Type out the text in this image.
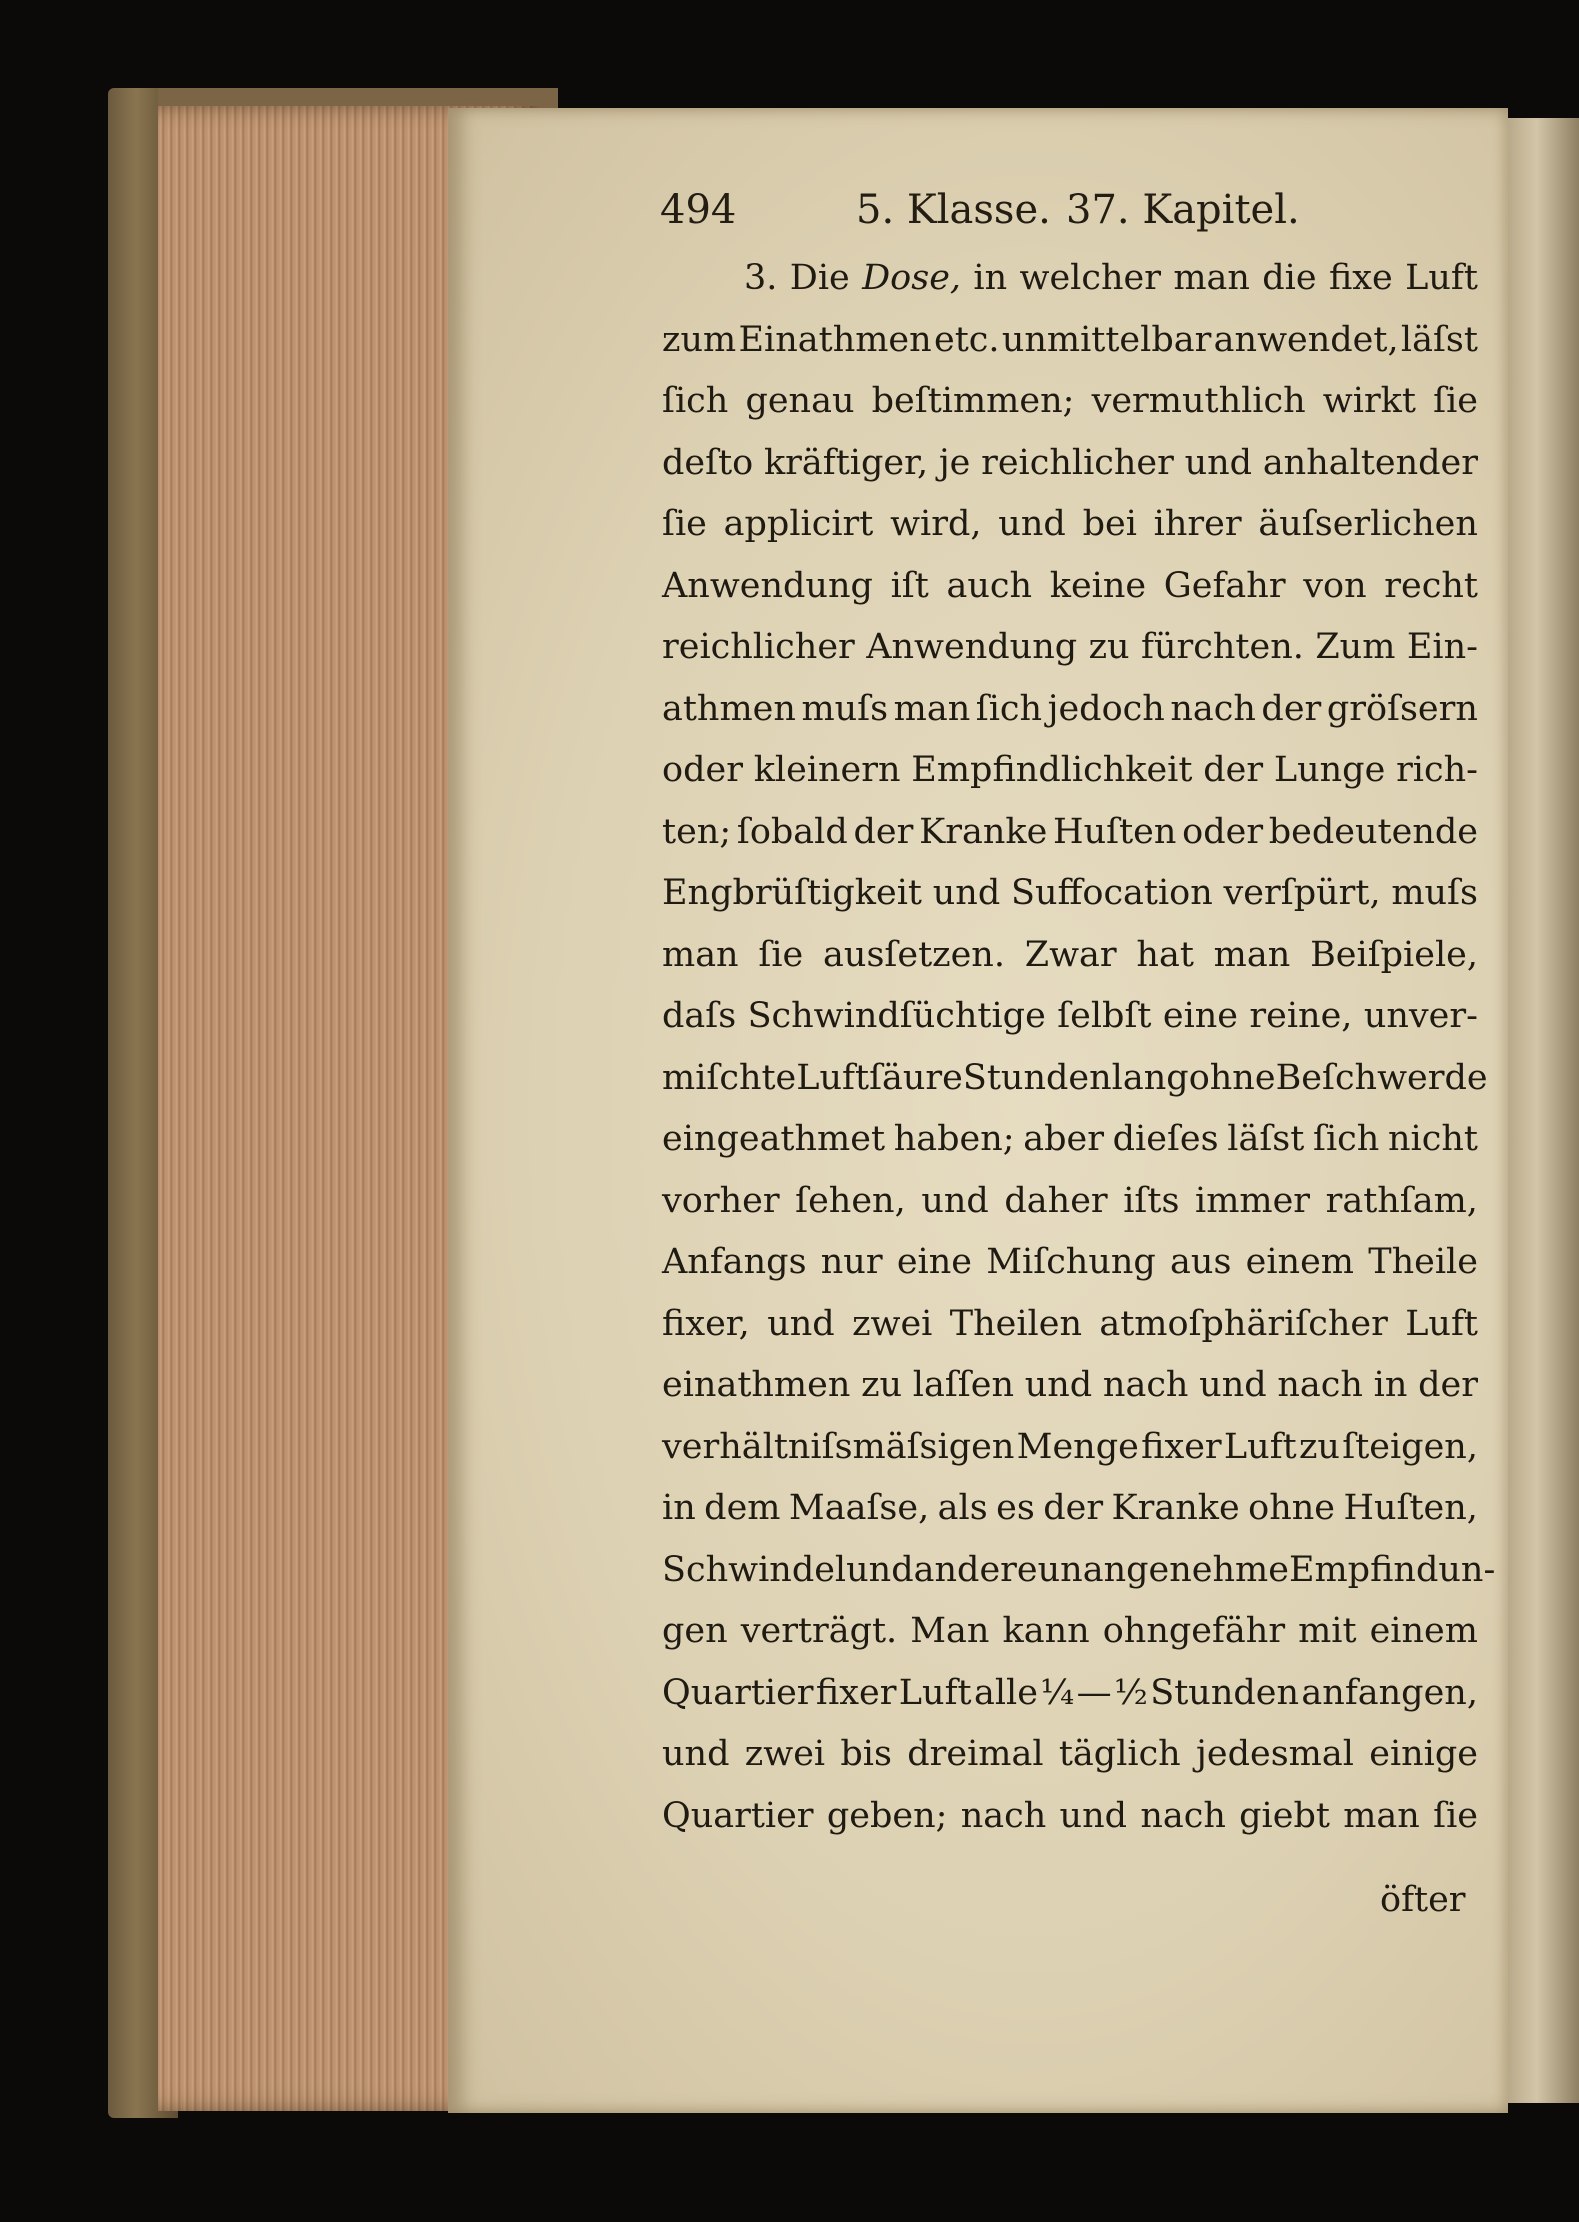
494	5. Klasse. 37. Kapitel.
3. Die Dose, in welcher man die fixe Luft
zum Einathmen etc. unmittelbar anwendet, läſst
ſich genau beſtimmen; vermuthlich wirkt ſie
deſto kräftiger, je reichlicher und anhaltender
ſie applicirt wird, und bei ihrer äuſserlichen
Anwendung iſt auch keine Gefahr von recht
reichlicher Anwendung zu fürchten. Zum Ein-
athmen muſs man ſich jedoch nach der gröſsern
oder kleinern Empfindlichkeit der Lunge rich-
ten; ſobald der Kranke Huſten oder bedeutende
Engbrüſtigkeit und Suffocation verſpürt, muſs
man ſie ausſetzen. Zwar hat man Beiſpiele,
daſs Schwindſüchtige ſelbſt eine reine, unver-
miſchte Luftſäure Stunden lang ohne Beſchwerde
eingeathmet haben; aber dieſes läſst ſich nicht
vorher ſehen, und daher iſts immer rathſam,
Anfangs nur eine Miſchung aus einem Theile
fixer, und zwei Theilen atmoſphäriſcher Luft
einathmen zu laſſen und nach und nach in der
verhältniſsmäſsigen Menge fixer Luft zu ſteigen,
in dem Maaſse, als es der Kranke ohne Huſten,
Schwindel und andere unangenehme Empfindun-
gen verträgt. Man kann ohngefähr mit einem
Quartier fixer Luft alle ¼ — ½ Stunden anfangen,
und zwei bis dreimal täglich jedesmal einige
Quartier geben; nach und nach giebt man ſie
öfter
